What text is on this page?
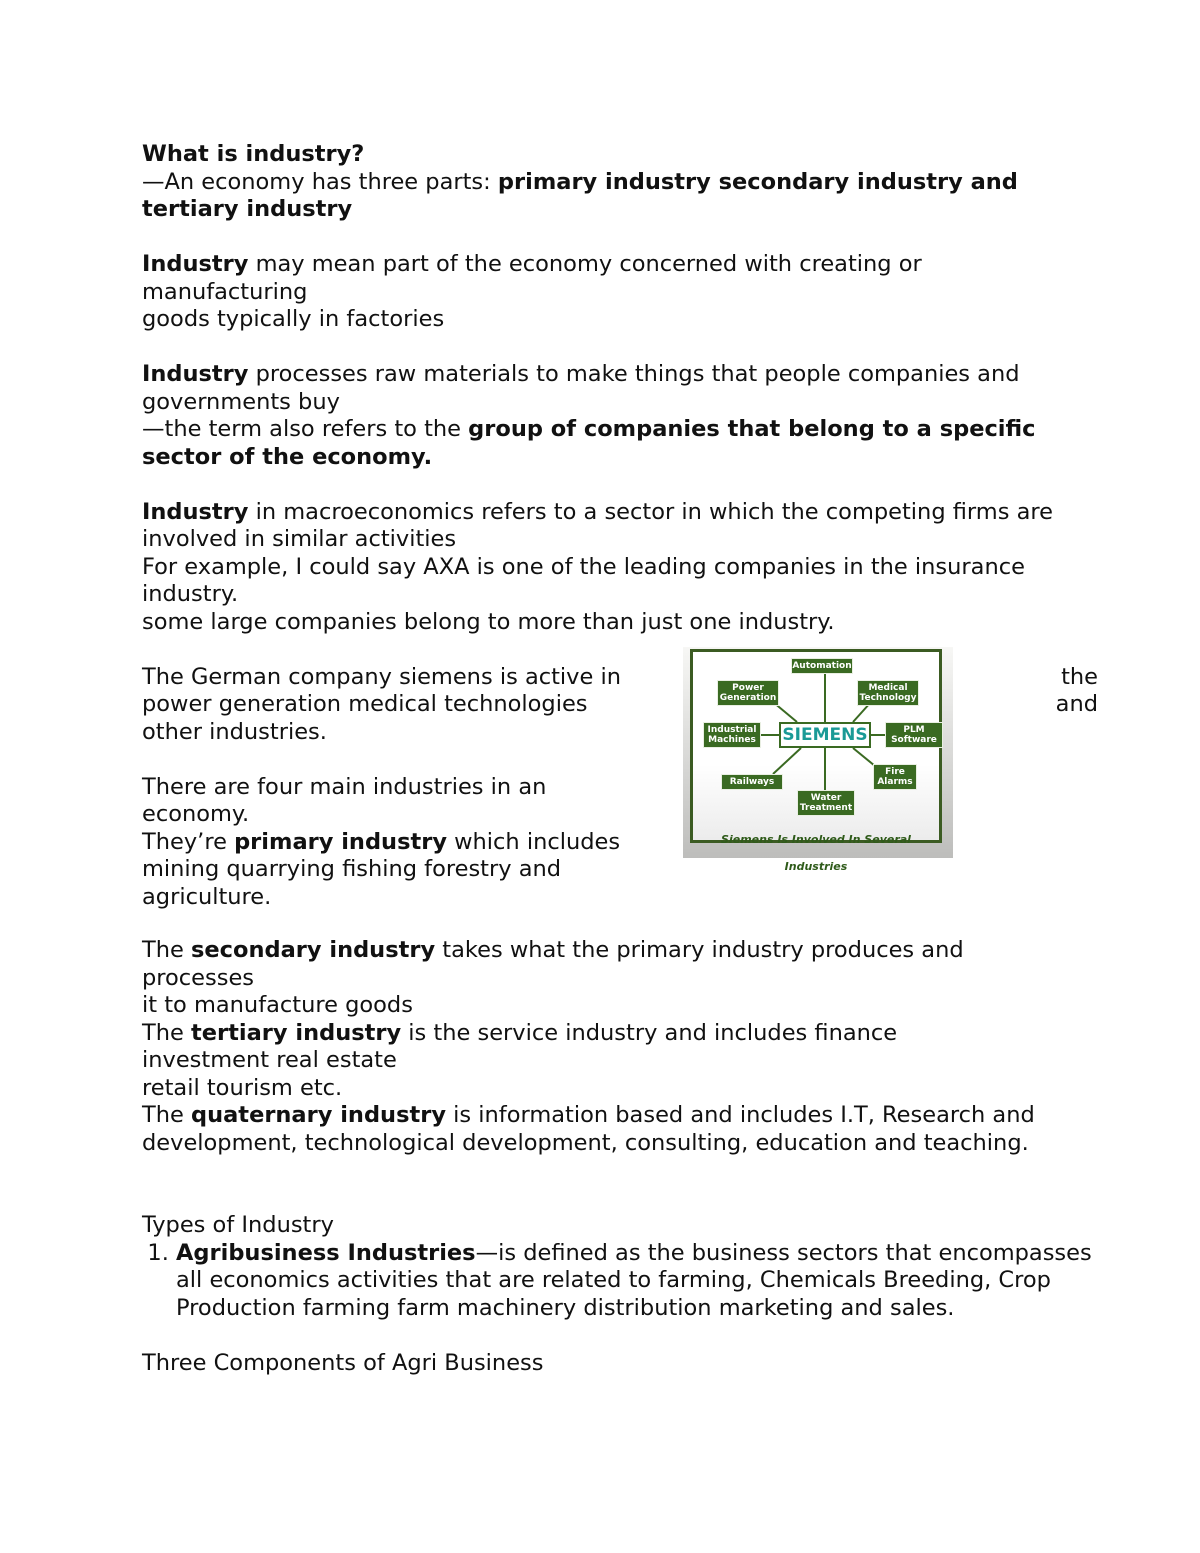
What is industry?

—An economy has three parts: primary industry secondary industry and tertiary industry

Industry may mean part of the economy concerned with creating or manufacturing

goods typically in factories

Industry processes raw materials to make things that people companies and governments buy

—the term also refers to the group of companies that belong to a specific sector of the economy.

Industry in macroeconomics refers to a sector in which the competing firms are involved in similar activities

For example, I could say AXA is one of the leading companies in the insurance industry.

some large companies belong to more than just one industry.

The German company siemens is active in	the
power generation medical technologies	and

other industries.

There are four main industries in an economy.

They’re primary industry which includes mining quarrying fishing forestry and agriculture.

Automation
Power Generation
Medical Technology
Industrial Machines
PLM Software
Railways
Fire Alarms
Water Treatment
SIEMENS
Siemens Is Involved In Several Industries

The secondary industry takes what the primary industry produces and processes

it to manufacture goods

The tertiary industry is the service industry and includes finance investment real estate

retail tourism etc.

The quaternary industry is information based and includes I.T, Research and development, technological development, consulting, education and teaching.

Types of Industry

1. Agribusiness Industries—is defined as the business sectors that encompasses all economics activities that are related to farming, Chemicals Breeding, Crop Production farming farm machinery distribution marketing and sales.

Three Components of Agri Business
